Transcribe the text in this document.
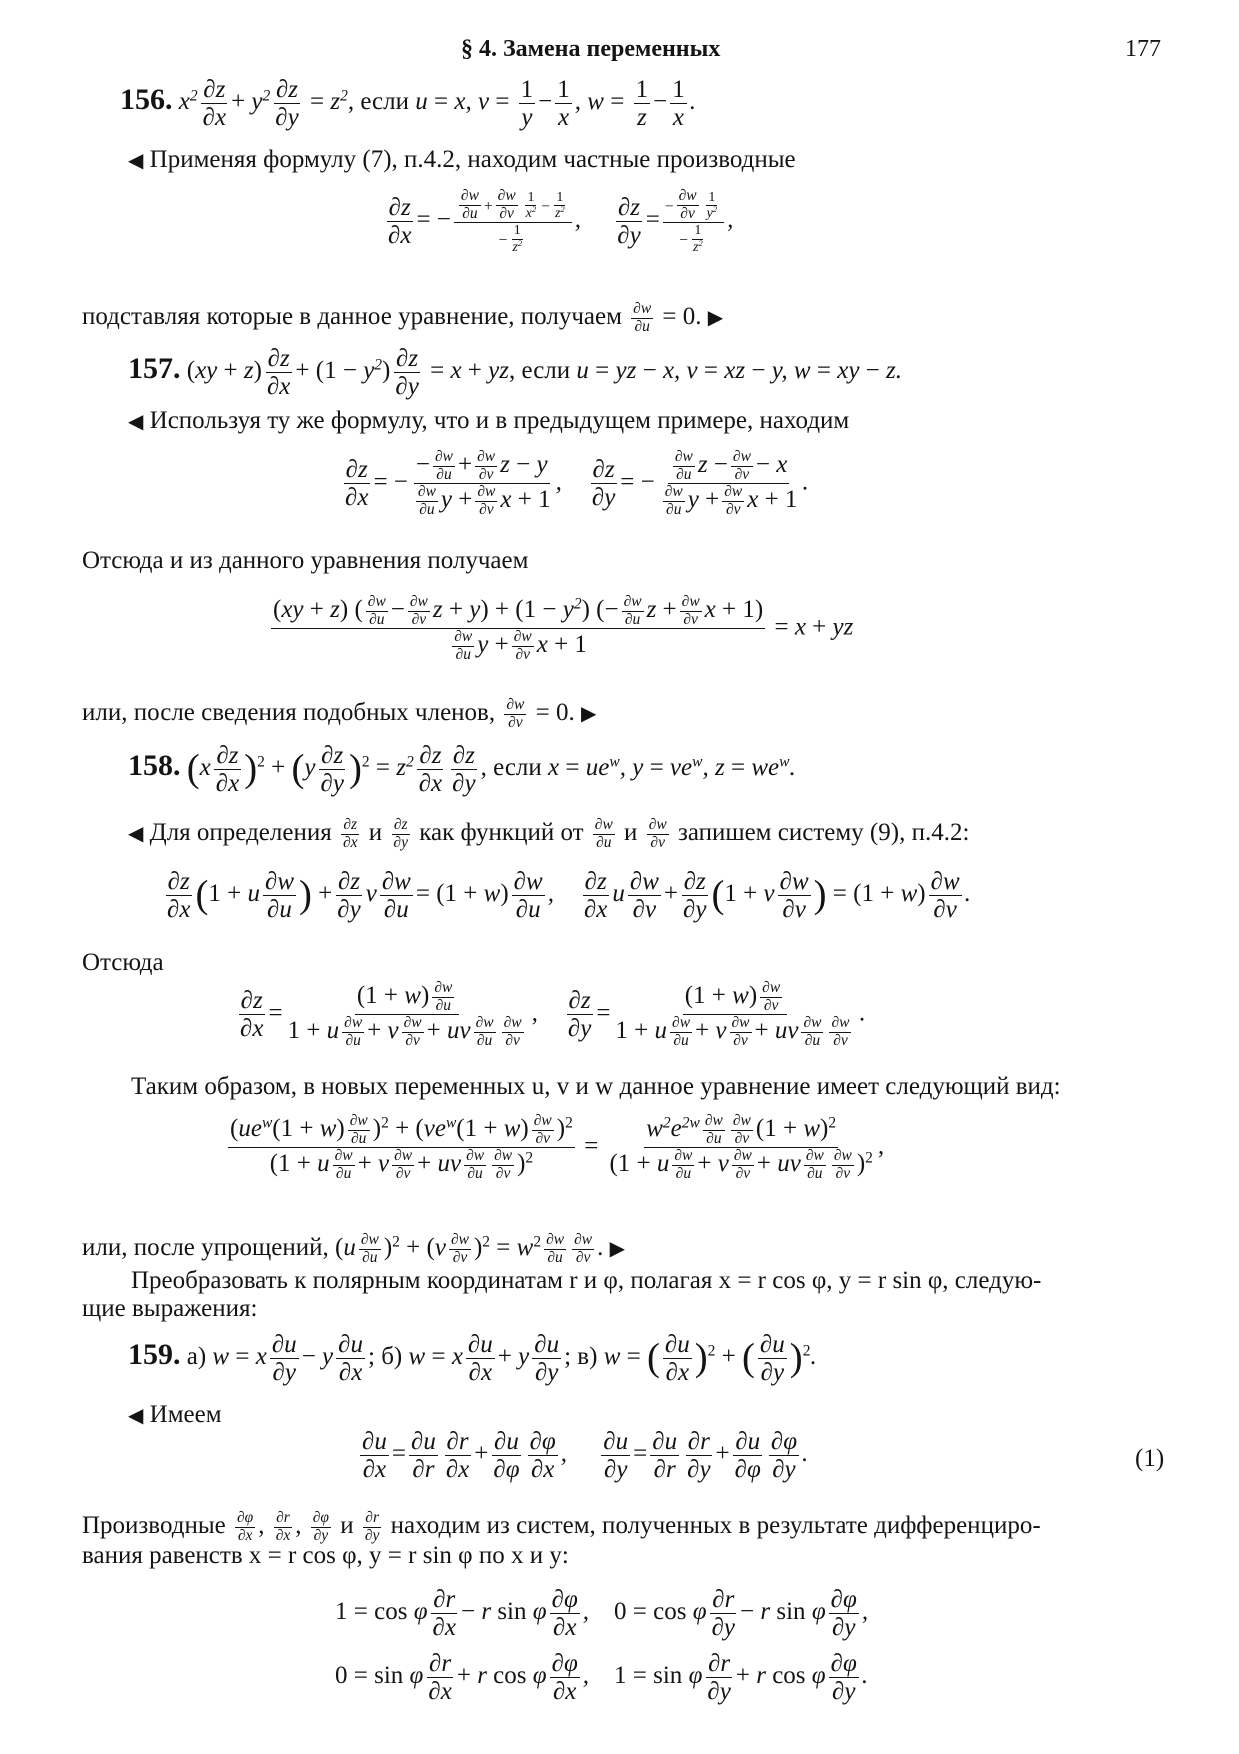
§ 4. Замена переменных	177
156. $x^2 \frac{\partial z}{\partial x} + y^2 \frac{\partial z}{\partial y} = z^2$, если u = x, $v = \frac{1}{y} - \frac{1}{x}$ , $w = \frac{1}{z} - \frac{1}{x}$ .
◀ Применяя формулу (7), п.4.2, находим частные производные
$\frac{\partial z}{\partial x}$ = − $\frac{\frac{\partial w}{\partial u} + \frac{\partial w}{\partial v} \frac{1}{x^2} - \frac{1}{z^2}}{- \frac{1}{z^2}}$ , $\frac{\partial z}{\partial y} = \frac{- \frac{\partial w}{\partial v} \frac{1}{y^2}}{- \frac{1}{z^2}}$ ,
подставляя которые в данное уравнение, получаем $\frac{\partial w}{\partial u} = 0$. ▶
157. $(xy + z) \frac{\partial z}{\partial x} + (1 - y^2) \frac{\partial z}{\partial y} = x$ + yz, если u = yz − x, v = xz − y, w = xy − z.
◀ Используя ту же формулу, что и в предыдущем примере, находим
$\frac{\partial z}{\partial x}$ = − $\frac{- \frac{\partial w}{\partial u} + \frac{\partial w}{\partial v} z - y}{\frac{\partial w}{\partial u} y + \frac{\partial w}{\partial v} x + 1}$ , $\frac{\partial z}{\partial y}$ = − $\frac{\frac{\partial w}{\partial u} z - \frac{\partial w}{\partial v} - x}{\frac{\partial w}{\partial u} y + \frac{\partial w}{\partial v} x + 1}$ .
Отсюда и из данного уравнения получаем
$\frac{(xy + z) ( \frac{\partial w}{\partial u} - \frac{\partial w}{\partial v} z + y) + (1 - y^2) (- \frac{\partial w}{\partial u} z + \frac{\partial w}{\partial v} x + 1)}{\frac{\partial w}{\partial u} y + \frac{\partial w}{\partial v} x + 1} = x$ + yz
или, после сведения подобных членов, $\frac{\partial w}{\partial v} = 0$. ▶
158. $(x \frac{\partial z}{\partial x} )^2 + (y \frac{\partial z}{\partial y} )^2 = z^2 \frac{\partial z}{\partial x} \frac{\partial z}{\partial y}$ , если $x = ue^w$, $y = ve^w$, $z = we^w$.
◀ Для определения $\frac{\partial z}{\partial x}$ и $\frac{\partial z}{\partial y}$ как функций от $\frac{\partial w}{\partial u}$ и $\frac{\partial w}{\partial v}$ запишем систему (9), п.4.2:
$\frac{\partial z}{\partial x} (1 + u \frac{\partial w}{\partial u}$ ) + $\frac{\partial z}{\partial y}$ v $\frac{\partial w}{\partial u} = (1 + w) \frac{\partial w}{\partial u}$ , $\frac{\partial z}{\partial x}$ u $\frac{\partial w}{\partial v} + \frac{\partial z}{\partial y} (1 + v \frac{\partial w}{\partial v}$ ) = $(1 + w) \frac{\partial w}{\partial v}$ .
Отсюда
$\frac{\partial z}{\partial x} = \frac{(1 + w) \frac{\partial w}{\partial u}}{1 + u \frac{\partial w}{\partial u} + v \frac{\partial w}{\partial v} + uv \frac{\partial w}{\partial u} \frac{\partial w}{\partial v}}$ , $\frac{\partial z}{\partial y} = \frac{(1 + w) \frac{\partial w}{\partial v}}{1 + u \frac{\partial w}{\partial u} + v \frac{\partial w}{\partial v} + uv \frac{\partial w}{\partial u} \frac{\partial w}{\partial v}}$ .
Таким образом, в новых переменных u, v и w данное уравнение имеет следующий вид:
$(ue^w(1 + w) \frac{\partial w}{\partial u} )^2 + (ve^w(1 + w) \frac{\partial w}{\partial v} )^2$
(1 + u $\frac{\partial w}{\partial u} + v \frac{\partial w}{\partial v}$ + uv $\frac{\partial w}{\partial u} \frac{\partial w}{\partial v} )^2 = \frac{w^2e^{2w} \frac{\partial w}{\partial u} \frac{\partial w}{\partial v} (1 + w)^2}{(1 + u \frac{\partial w}{\partial u} + v \frac{\partial w}{\partial v} + uv \frac{\partial w}{\partial u} \frac{\partial w}{\partial v} )^2}$ ,
или, после упрощений, $(u \frac{\partial w}{\partial u} )^2 + (v \frac{\partial w}{\partial v} )^2 = w^2 \frac{\partial w}{\partial u} \frac{\partial w}{\partial v}$ . ▶
Преобразовать к полярным координатам r и φ, полагая x = r cos φ, y = r sin φ, следую-
щие выражения:
159. а) w = x $\frac{\partial u}{\partial y} - y \frac{\partial u}{\partial x}$ ; б) w = x $\frac{\partial u}{\partial x} + y \frac{\partial u}{\partial y}$ ; в) w = ( $\frac{\partial u}{\partial x} )^2$ + ( $\frac{\partial u}{\partial y} )^2$.
◀ Имеем
$\frac{\partial u}{\partial x} = \frac{\partial u}{\partial r} \frac{\partial r}{\partial x} + \frac{\partial u}{\partial\varphi} \frac{\partial\varphi}{\partial x}$ , $\frac{\partial u}{\partial y} = \frac{\partial u}{\partial r} \frac{\partial r}{\partial y} + \frac{\partial u}{\partial\varphi} \frac{\partial\varphi}{\partial y}$ .	(1)
Производные $\frac{\partial\varphi}{\partial x}$ , $\frac{\partial r}{\partial x}$ , $\frac{\partial\varphi}{\partial y}$ и $\frac{\partial r}{\partial y}$ находим из систем, полученных в результате дифференциро-
вания равенств x = r cos φ, y = r sin φ по x и y:
1 = cos φ $\frac{\partial r}{\partial x} - r$ sin φ $\frac{\partial\varphi}{\partial x}$ ,    0 = cos φ $\frac{\partial r}{\partial y} - r$ sin φ $\frac{\partial\varphi}{\partial y}$ ,
0 = sin φ $\frac{\partial r}{\partial x} + r$ cos φ $\frac{\partial\varphi}{\partial x}$ ,    1 = sin φ $\frac{\partial r}{\partial y} + r$ cos φ $\frac{\partial\varphi}{\partial y}$ .
